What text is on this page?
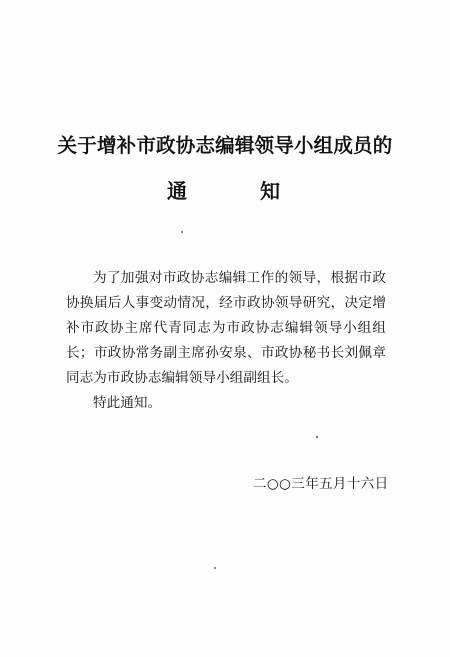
关于增补市政协志编辑领导小组成员的
通	知

为了加强对市政协志编辑工作的领导，根据市政协换届后人事变动情况，经市政协领导研究，决定增补市政协主席代青同志为市政协志编辑领导小组组长；市政协常务副主席孙安泉、市政协秘书长刘佩章同志为市政协志编辑领导小组副组长。

特此通知。

二○○三年五月十六日
